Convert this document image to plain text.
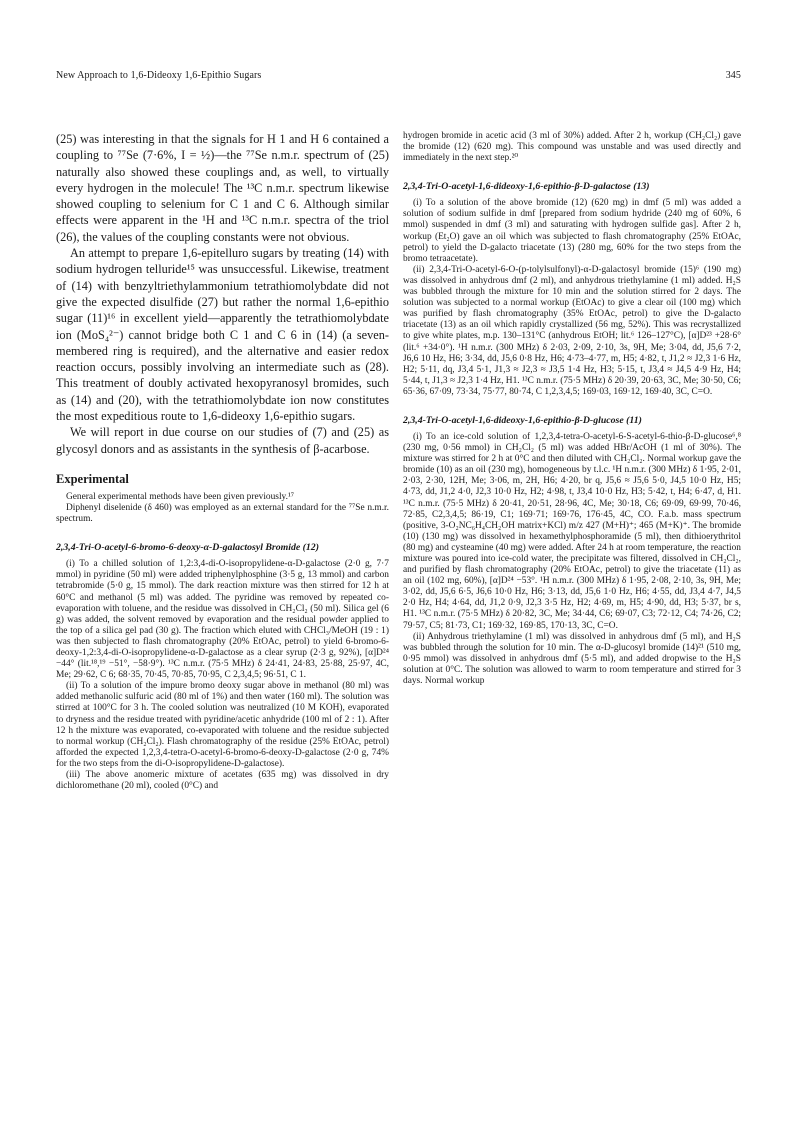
New Approach to 1,6-Dideoxy 1,6-Epithio Sugars	345

(25) was interesting in that the signals for H 1 and H 6 contained a coupling to ⁷⁷Se (7·6%, I = ½)—the ⁷⁷Se n.m.r. spectrum of (25) naturally also showed these couplings and, as well, to virtually every hydrogen in the molecule! The ¹³C n.m.r. spectrum likewise showed coupling to selenium for C 1 and C 6. Although similar effects were apparent in the ¹H and ¹³C n.m.r. spectra of the triol (26), the values of the coupling constants were not obvious.

An attempt to prepare 1,6-epitelluro sugars by treating (14) with sodium hydrogen telluride¹⁵ was unsuccessful. Likewise, treatment of (14) with benzyltriethylammonium tetrathiomolybdate did not give the expected disulfide (27) but rather the normal 1,6-epithio sugar (11)¹⁶ in excellent yield—apparently the tetrathiomolybdate ion (MoS₄²⁻) cannot bridge both C 1 and C 6 in (14) (a seven-membered ring is required), and the alternative and easier redox reaction occurs, possibly involving an intermediate such as (28). This treatment of doubly activated hexopyranosyl bromides, such as (14) and (20), with the tetrathiomolybdate ion now constitutes the most expeditious route to 1,6-dideoxy 1,6-epithio sugars.

We will report in due course on our studies of (7) and (25) as glycosyl donors and as assistants in the synthesis of β-acarbose.

Experimental

General experimental methods have been given previously.¹⁷

Diphenyl diselenide (δ 460) was employed as an external standard for the ⁷⁷Se n.m.r. spectrum.

2,3,4-Tri-O-acetyl-6-bromo-6-deoxy-α-D-galactosyl Bromide (12)

(i) To a chilled solution of 1,2:3,4-di-O-isopropylidene-α-D-galactose (2·0 g, 7·7 mmol) in pyridine (50 ml) were added triphenylphosphine (3·5 g, 13 mmol) and carbon tetrabromide (5·0 g, 15 mmol). The dark reaction mixture was then stirred for 12 h at 60°C and methanol (5 ml) was added. The pyridine was removed by repeated co-evaporation with toluene, and the residue was dissolved in CH₂Cl₂ (50 ml). Silica gel (6 g) was added, the solvent removed by evaporation and the residual powder applied to the top of a silica gel pad (30 g). The fraction which eluted with CHCl₃/MeOH (19 : 1) was then subjected to flash chromatography (20% EtOAc, petrol) to yield 6-bromo-6-deoxy-1,2:3,4-di-O-isopropylidene-α-D-galactose as a clear syrup (2·3 g, 92%), [α]D²⁴ −44° (lit.¹⁸,¹⁹ −51°, −58·9°). ¹³C n.m.r. (75·5 MHz) δ 24·41, 24·83, 25·88, 25·97, 4C, Me; 29·62, C 6; 68·35, 70·45, 70·85, 70·95, C 2,3,4,5; 96·51, C 1.

(ii) To a solution of the impure bromo deoxy sugar above in methanol (80 ml) was added methanolic sulfuric acid (80 ml of 1%) and then water (160 ml). The solution was stirred at 100°C for 3 h. The cooled solution was neutralized (10 M KOH), evaporated to dryness and the residue treated with pyridine/acetic anhydride (100 ml of 2 : 1). After 12 h the mixture was evaporated, co-evaporated with toluene and the residue subjected to normal workup (CH₂Cl₂). Flash chromatography of the residue (25% EtOAc, petrol) afforded the expected 1,2,3,4-tetra-O-acetyl-6-bromo-6-deoxy-D-galactose (2·0 g, 74% for the two steps from the di-O-isopropylidene-D-galactose).

(iii) The above anomeric mixture of acetates (635 mg) was dissolved in dry dichloromethane (20 ml), cooled (0°C) and

hydrogen bromide in acetic acid (3 ml of 30%) added. After 2 h, workup (CH₂Cl₂) gave the bromide (12) (620 mg). This compound was unstable and was used directly and immediately in the next step.²⁰

2,3,4-Tri-O-acetyl-1,6-dideoxy-1,6-epithio-β-D-galactose (13)

(i) To a solution of the above bromide (12) (620 mg) in dmf (5 ml) was added a solution of sodium sulfide in dmf [prepared from sodium hydride (240 mg of 60%, 6 mmol) suspended in dmf (3 ml) and saturating with hydrogen sulfide gas]. After 2 h, workup (Et₂O) gave an oil which was subjected to flash chromatography (25% EtOAc, petrol) to yield the D-galacto triacetate (13) (280 mg, 60% for the two steps from the bromo tetraacetate).

(ii) 2,3,4-Tri-O-acetyl-6-O-(p-tolylsulfonyl)-α-D-galactosyl bromide (15)⁶ (190 mg) was dissolved in anhydrous dmf (2 ml), and anhydrous triethylamine (1 ml) added. H₂S was bubbled through the mixture for 10 min and the solution stirred for 2 days. The solution was subjected to a normal workup (EtOAc) to give a clear oil (100 mg) which was purified by flash chromatography (35% EtOAc, petrol) to give the D-galacto triacetate (13) as an oil which rapidly crystallized (56 mg, 52%). This was recrystallized to give white plates, m.p. 130–131°C (anhydrous EtOH; lit.⁶ 126–127°C), [α]D²³ +28·6° (lit.⁶ +34·0°). ¹H n.m.r. (300 MHz) δ 2·03, 2·09, 2·10, 3s, 9H, Me; 3·04, dd, J5,6 7·2, J6,6 10 Hz, H6; 3·34, dd, J5,6 0·8 Hz, H6; 4·73–4·77, m, H5; 4·82, t, J1,2 ≈ J2,3 1·6 Hz, H2; 5·11, dq, J3,4 5·1, J1,3 ≈ J2,3 ≈ J3,5 1·4 Hz, H3; 5·15, t, J3,4 ≈ J4,5 4·9 Hz, H4; 5·44, t, J1,3 ≈ J2,3 1·4 Hz, H1. ¹³C n.m.r. (75·5 MHz) δ 20·39, 20·63, 3C, Me; 30·50, C6; 65·36, 67·09, 73·34, 75·77, 80·74, C 1,2,3,4,5; 169·03, 169·12, 169·40, 3C, C=O.

2,3,4-Tri-O-acetyl-1,6-dideoxy-1,6-epithio-β-D-glucose (11)

(i) To an ice-cold solution of 1,2,3,4-tetra-O-acetyl-6-S-acetyl-6-thio-β-D-glucose⁶,⁸ (230 mg, 0·56 mmol) in CH₂Cl₂ (5 ml) was added HBr/AcOH (1 ml of 30%). The mixture was stirred for 2 h at 0°C and then diluted with CH₂Cl₂. Normal workup gave the bromide (10) as an oil (230 mg), homogeneous by t.l.c. ¹H n.m.r. (300 MHz) δ 1·95, 2·01, 2·03, 2·30, 12H, Me; 3·06, m, 2H, H6; 4·20, br q, J5,6 ≈ J5,6 5·0, J4,5 10·0 Hz, H5; 4·73, dd, J1,2 4·0, J2,3 10·0 Hz, H2; 4·98, t, J3,4 10·0 Hz, H3; 5·42, t, H4; 6·47, d, H1. ¹³C n.m.r. (75·5 MHz) δ 20·41, 20·51, 28·96, 4C, Me; 30·18, C6; 69·09, 69·99, 70·46, 72·85, C2,3,4,5; 86·19, C1; 169·71; 169·76, 176·45, 4C, CO. F.a.b. mass spectrum (positive, 3-O₂NC₆H₄CH₂OH matrix+KCl) m/z 427 (M+H)⁺; 465 (M+K)⁺. The bromide (10) (130 mg) was dissolved in hexamethylphosphoramide (5 ml), then dithioerythritol (80 mg) and cysteamine (40 mg) were added. After 24 h at room temperature, the reaction mixture was poured into ice-cold water, the precipitate was filtered, dissolved in CH₂Cl₂, and purified by flash chromatography (20% EtOAc, petrol) to give the triacetate (11) as an oil (102 mg, 60%), [α]D²⁴ −53°. ¹H n.m.r. (300 MHz) δ 1·95, 2·08, 2·10, 3s, 9H, Me; 3·02, dd, J5,6 6·5, J6,6 10·0 Hz, H6; 3·13, dd, J5,6 1·0 Hz, H6; 4·55, dd, J3,4 4·7, J4,5 2·0 Hz, H4; 4·64, dd, J1,2 0·9, J2,3 3·5 Hz, H2; 4·69, m, H5; 4·90, dd, H3; 5·37, br s, H1. ¹³C n.m.r. (75·5 MHz) δ 20·82, 3C, Me; 34·44, C6; 69·07, C3; 72·12, C4; 74·26, C2; 79·57, C5; 81·73, C1; 169·32, 169·85, 170·13, 3C, C=O.

(ii) Anhydrous triethylamine (1 ml) was dissolved in anhydrous dmf (5 ml), and H₂S was bubbled through the solution for 10 min. The α-D-glucosyl bromide (14)²¹ (510 mg, 0·95 mmol) was dissolved in anhydrous dmf (5·5 ml), and added dropwise to the H₂S solution at 0°C. The solution was allowed to warm to room temperature and stirred for 3 days. Normal workup
